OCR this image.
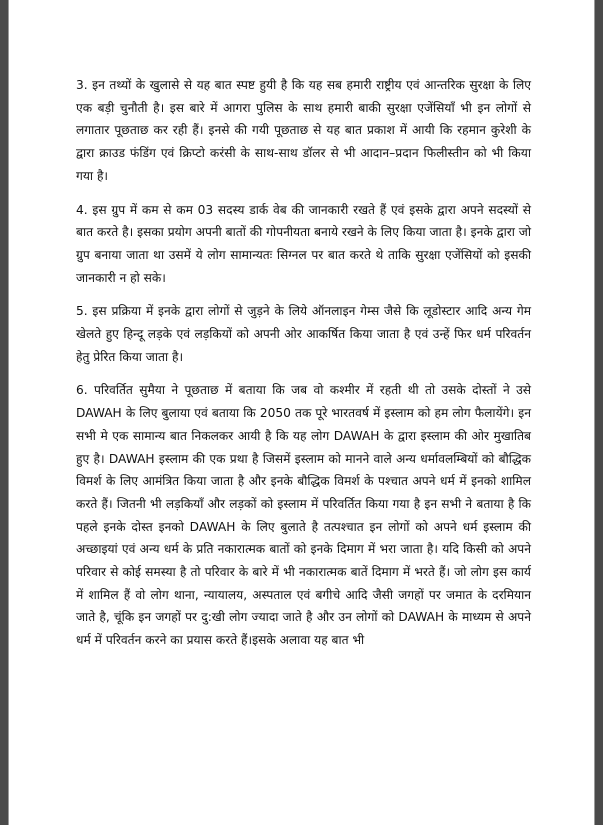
3. इन तथ्यों के खुलासे से यह बात स्पष्ट हुयी है कि यह सब हमारी राष्ट्रीय एवं आन्तरिक सुरक्षा के लिए एक बड़ी चुनौती है। इस बारे में आगरा पुलिस के साथ हमारी बाकी सुरक्षा एजेंसियाँ भी इन लोगों से लगातार पूछताछ कर रही हैं। इनसे की गयी पूछताछ से यह बात प्रकाश में आयी कि रहमान कुरेशी के द्वारा क्राउड फंडिंग एवं क्रिप्टो करंसी के साथ-साथ डॉलर से भी आदान–प्रदान फिलीस्तीन को भी किया गया है।

4. इस ग्रुप में कम से कम 03 सदस्य डार्क वेब की जानकारी रखते हैं एवं इसके द्वारा अपने सदस्यों से बात करते है। इसका प्रयोग अपनी बातों की गोपनीयता बनाये रखने के लिए किया जाता है। इनके द्वारा जो ग्रुप बनाया जाता था उसमें ये लोग सामान्यतः सिग्नल पर बात करते थे ताकि सुरक्षा एजेंसियों को इसकी जानकारी न हो सके।

5. इस प्रक्रिया में इनके द्वारा लोगों से जुड़ने के लिये ऑनलाइन गेम्स जैसे कि लूडोस्टार आदि अन्य गेम खेलते हुए हिन्दू लड़के एवं लड़कियों को अपनी ओर आकर्षित किया जाता है एवं उन्हें फिर धर्म परिवर्तन हेतु प्रेरित किया जाता है।

6. परिवर्तित सुमैया ने पूछताछ में बताया कि जब वो कश्मीर में रहती थी तो उसके दोस्तों ने उसे DAWAH के लिए बुलाया एवं बताया कि 2050 तक पूरे भारतवर्ष में इस्लाम को हम लोग फैलायेंगे। इन सभी मे एक सामान्य बात निकलकर आयी है कि यह लोग DAWAH के द्वारा इस्लाम की ओर मुखातिब हुए है। DAWAH इस्लाम की एक प्रथा है जिसमें इस्लाम को मानने वाले अन्य धर्मावलम्बियों को बौद्धिक विमर्श के लिए आमंत्रित किया जाता है और इनके बौद्धिक विमर्श के पश्चात अपने धर्म में इनको शामिल करते हैं। जितनी भी लड़कियाँ और लड़कों को इस्लाम में परिवर्तित किया गया है इन सभी ने बताया है कि पहले इनके दोस्त इनको DAWAH के लिए बुलाते है तत्पश्चात इन लोगों को अपने धर्म इस्लाम की अच्छाइयां एवं अन्य धर्म के प्रति नकारात्मक बातों को इनके दिमाग में भरा जाता है। यदि किसी को अपने परिवार से कोई समस्या है तो परिवार के बारे में भी नकारात्मक बातें दिमाग में भरते हैं। जो लोग इस कार्य में शामिल हैं वो लोग थाना, न्यायालय, अस्पताल एवं बगीचे आदि जैसी जगहों पर जमात के दरमियान जाते है, चूंकि इन जगहों पर दु:खी लोग ज्यादा जाते है और उन लोगों को DAWAH के माध्यम से अपने धर्म में परिवर्तन करने का प्रयास करते हैं।इसके अलावा यह बात भी
